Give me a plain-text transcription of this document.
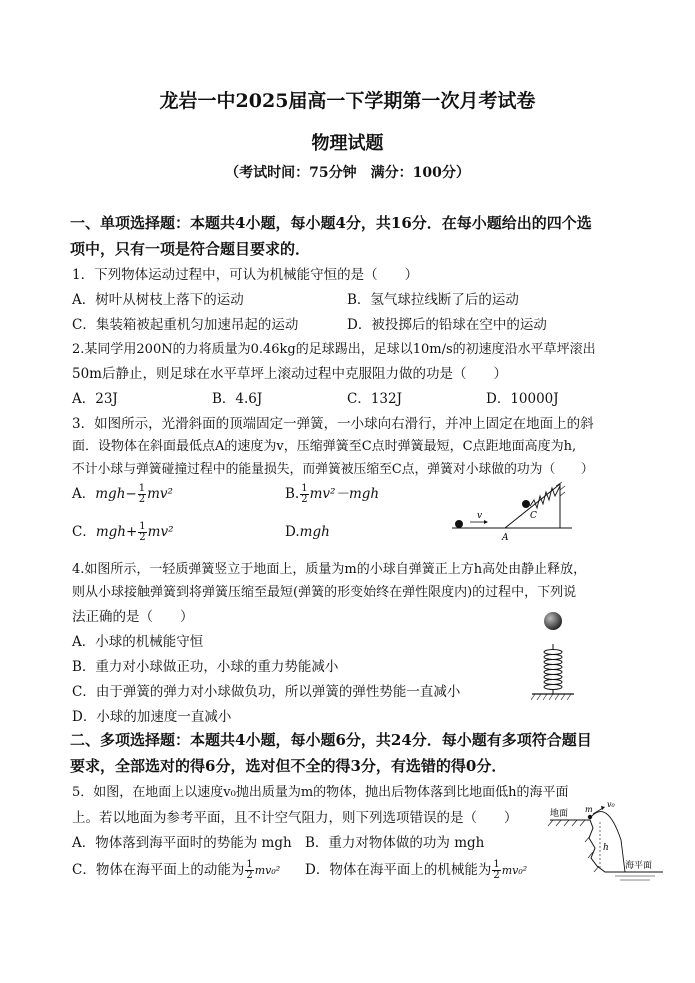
龙岩一中2025届高一下学期第一次月考试卷
物理试题
（考试时间：75分钟　满分：100分）
一、单项选择题：本题共4小题，每小题4分，共16分．在每小题给出的四个选
项中，只有一项是符合题目要求的．
1．下列物体运动过程中，可认为机械能守恒的是（　　）
A．树叶从树枝上落下的运动	B．氢气球拉线断了后的运动
C．集装箱被起重机匀加速吊起的运动	D．被投掷后的铅球在空中的运动
2.某同学用200N的力将质量为0.46kg的足球踢出，足球以10m/s的初速度沿水平草坪滚出
50m后静止，则足球在水平草坪上滚动过程中克服阻力做的功是（　　）
A．23J	B．4.6J	C．132J	D．10000J
3．如图所示，光滑斜面的顶端固定一弹簧，一小球向右滑行，并冲上固定在地面上的斜
面．设物体在斜面最低点A的速度为v，压缩弹簧至C点时弹簧最短，C点距地面高度为h,
不计小球与弹簧碰撞过程中的能量损失，而弹簧被压缩至C点，弹簧对小球做的功为（　　）
A．$mgh- \frac{1}{2} mv^2$	B. $\frac{1}{2} mv^2-mgh$
C．$mgh+ \frac{1}{2} mv^2$	D.mgh
v
A
C
4.如图所示，一轻质弹簧竖立于地面上，质量为m的小球自弹簧正上方h高处由静止释放，
则从小球接触弹簧到将弹簧压缩至最短(弹簧的形变始终在弹性限度内)的过程中，下列说
法正确的是（　　）
A．小球的机械能守恒
B．重力对小球做正功，小球的重力势能减小
C．由于弹簧的弹力对小球做负功，所以弹簧的弹性势能一直减小
D．小球的加速度一直减小
二、多项选择题：本题共4小题，每小题6分，共24分．每小题有多项符合题目
要求，全部选对的得6分，选对但不全的得3分，有选错的得0分．
5．如图，在地面上以速度v₀抛出质量为m的物体，抛出后物体落到比地面低h的海平面
上。若以地面为参考平面，且不计空气阻力，则下列选项错误的是（　　）
A．物体落到海平面时的势能为 mgh B．重力对物体做的功为 mgh
C．物体在海平面上的动能为 $\frac{1}{2} mv_0^2$ D．物体在海平面上的机械能为 $\frac{1}{2} mv_0^2$
地面 m
v₀
h
海平面
